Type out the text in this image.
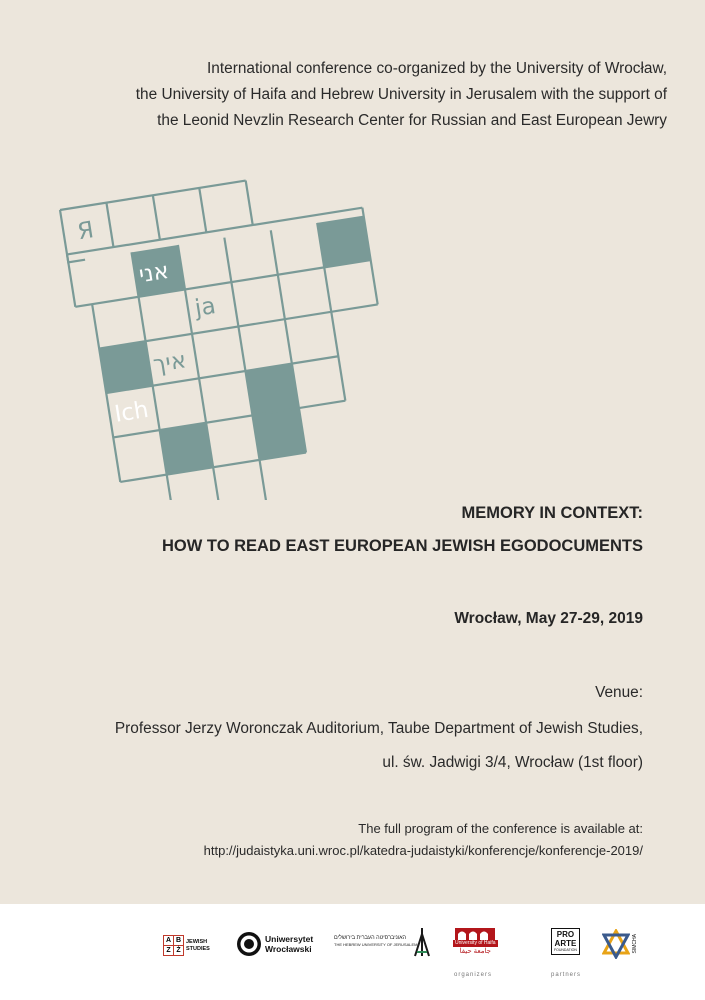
International conference co-organized by the University of Wrocław,
the University of Haifa and Hebrew University in Jerusalem with the support of
the Leonid Nevzlin Research Center for Russian and East European Jewry
Я
אני
ja
איך
Ich
MEMORY IN CONTEXT:
HOW TO READ EAST EUROPEAN JEWISH EGODOCUMENTS
Wrocław, May 27-29, 2019
Venue:
Professor Jerzy Woronczak Auditorium, Taube Department of Jewish Studies,
ul. św. Jadwigi 3/4, Wrocław (1st floor)
The full program of the conference is available at:
http://judaistyka.uni.wroc.pl/katedra-judaistyki/konferencje/konferencje-2019/
A B
Z Ż
JEWISH STUDIES
Uniwersytet
Wrocławski
האוניברסיטה העברית בירושלים
THE HEBREW UNIVERSITY OF JERUSALEM	University of Haifa
جامعة حيفا
PRO
ARTE
FOUNDATION	SIMCHA
organizers	partners
